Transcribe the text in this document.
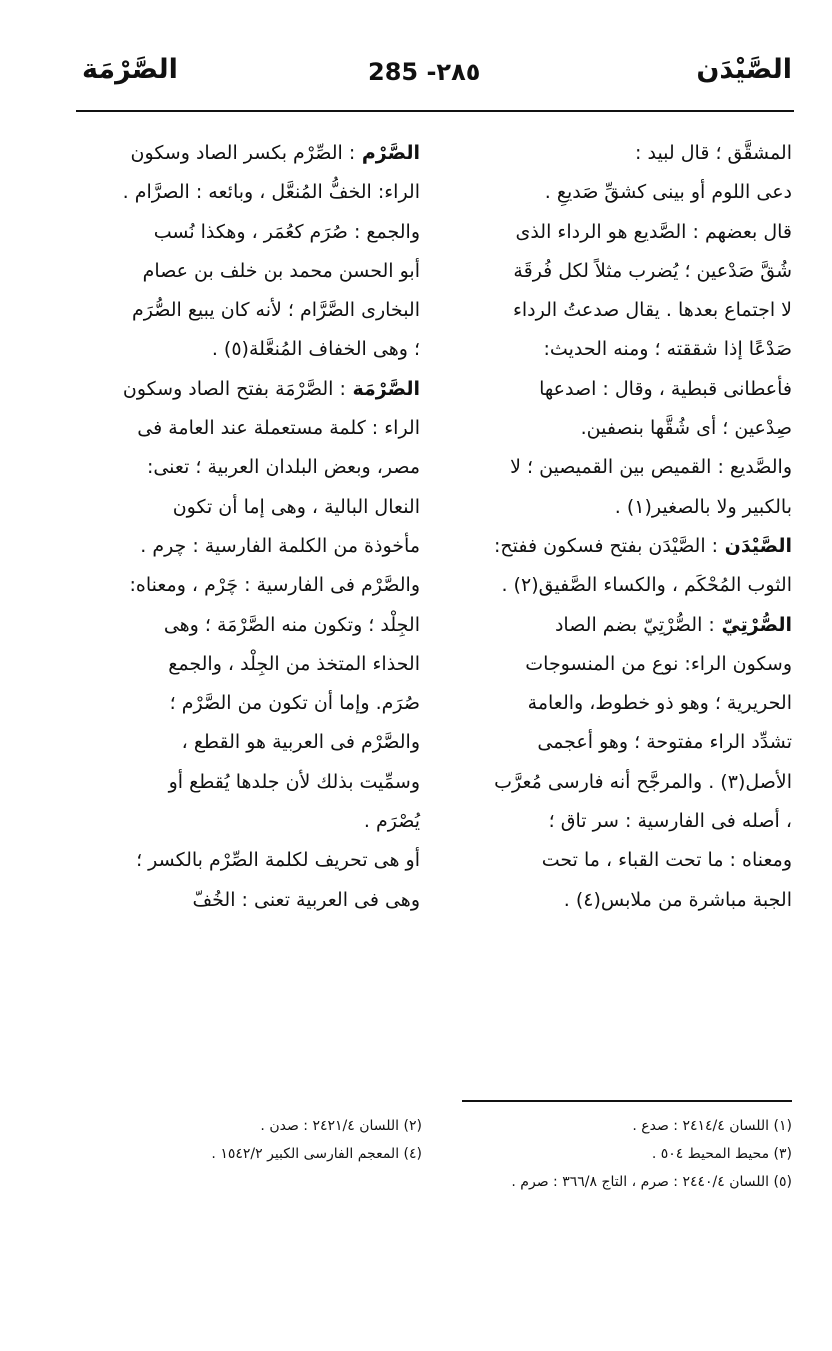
الصَّيْدَن
285 -٢٨٥
الصَّرْمَة
المشقَّق ؛ قال لبيد :
دعى اللوم أو بينى كشقِّ صَديعِ .
قال بعضهم : الصَّديع هو الرداء الذى
شُقَّ صَدْعين ؛ يُضرب مثلاً لكل فُرقَة
لا اجتماع بعدها . يقال صدعتُ الرداء
صَدْعًا إذا شققته ؛ ومنه الحديث:
فأعطانى قبطية ، وقال : اصدعها
صِدْعين ؛ أى شُقَّها بنصفين.
والصَّديع : القميص بين القميصين ؛ لا
بالكبير ولا بالصغير(١) .
الصَّيْدَن : الصَّيْدَن بفتح فسكون ففتح:
الثوب المُحْكَم ، والكساء الصَّفيق(٢) .
الصُّرْتِيّ : الصُّرْتِيّ بضم الصاد
وسكون الراء: نوع من المنسوجات
الحريرية ؛ وهو ذو خطوط، والعامة
تشدِّد الراء مفتوحة ؛ وهو أعجمى
الأصل(٣) . والمرجَّح أنه فارسى مُعرَّب
، أصله فى الفارسية : سر تاق ؛
ومعناه : ما تحت القباء ، ما تحت
الجبة مباشرة من ملابس(٤) .
الصَّرْم : الصِّرْم بكسر الصاد وسكون
الراء: الخفُّ المُنعَّل ، وبائعه : الصرَّام .
والجمع : صُرَم كعُمَر ، وهكذا نُسب
أبو الحسن محمد بن خلف بن عصام
البخارى الصَّرَّام ؛ لأنه كان يبيع الصُّرَم
؛ وهى الخفاف المُنعَّلة(٥) .
الصَّرْمَة : الصَّرْمَة بفتح الصاد وسكون
الراء : كلمة مستعملة عند العامة فى
مصر، وبعض البلدان العربية ؛ تعنى:
النعال البالية ، وهى إما أن تكون
مأخوذة من الكلمة الفارسية : چرم .
والصَّرْم فى الفارسية : چَرْم ، ومعناه:
الجِلْد ؛ وتكون منه الصَّرْمَة ؛ وهى
الحذاء المتخذ من الجِلْد ، والجمع
صُرَم. وإما أن تكون من الصَّرْم ؛
والصَّرْم فى العربية هو القطع ،
وسمِّيت بذلك لأن جلدها يُقطع أو
يُصْرَم .
أو هى تحريف لكلمة الصِّرْم بالكسر ؛
وهى فى العربية تعنى : الخُفّ
(١) اللسان ٢٤١٤/٤ : صدع .
(٢) اللسان ٢٤٢١/٤ : صدن .
(٣) محيط المحيط ٥٠٤ .
(٤) المعجم الفارسى الكبير ١٥٤٢/٢ .
(٥) اللسان ٢٤٤٠/٤ : صرم ، التاج ٣٦٦/٨ : صرم .
